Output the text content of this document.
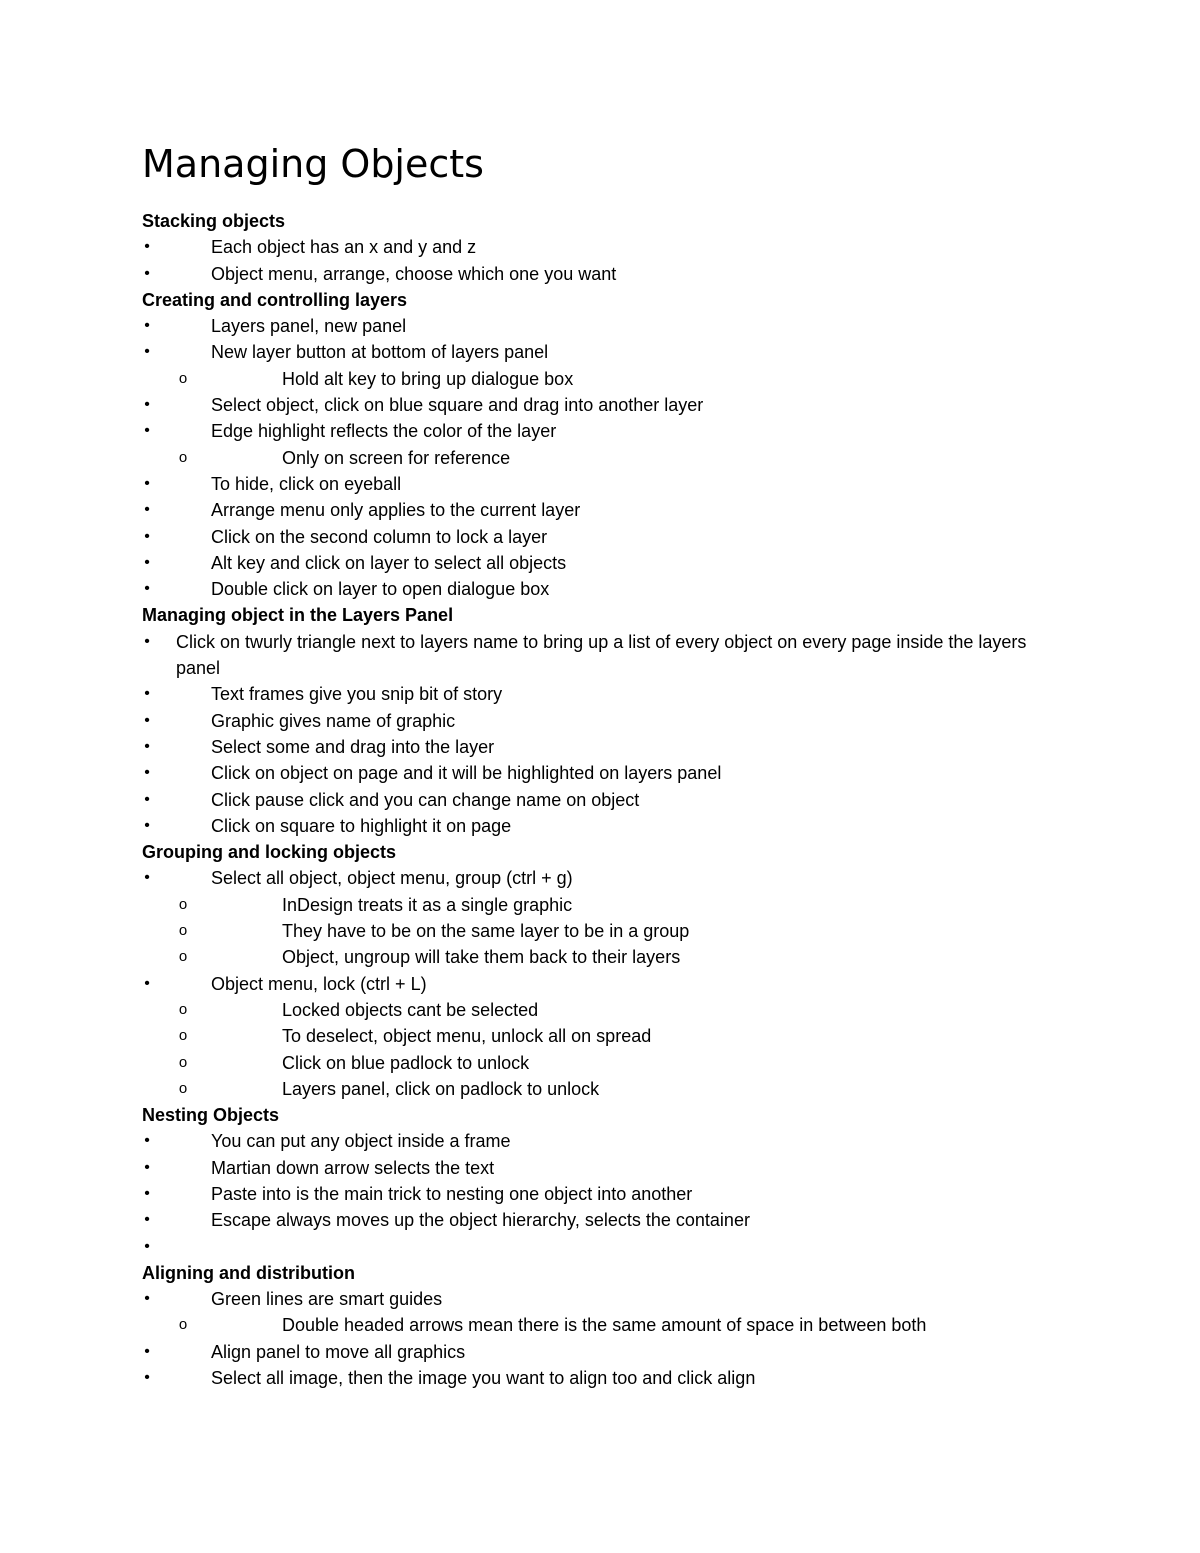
Managing Objects
Stacking objects
•	Each object has an x and y and z
•	Object menu, arrange, choose which one you want
Creating and controlling layers
•	Layers panel, new panel
•	New layer button at bottom of layers panel
o	Hold alt key to bring up dialogue box
•	Select object, click on blue square and drag into another layer
•	Edge highlight reflects the color of the layer
o	Only on screen for reference
•	To hide, click on eyeball
•	Arrange menu only applies to the current layer
•	Click on the second column to lock a layer
•	Alt key and click on layer to select all objects
•	Double click on layer to open dialogue box
Managing object in the Layers Panel
• Click on twurly triangle next to layers name to bring up a list of every object on every page inside the layers panel
•	Text frames give you snip bit of story
•	Graphic gives name of graphic
•	Select some and drag into the layer
•	Click on object on page and it will be highlighted on layers panel
•	Click pause click and you can change name on object
•	Click on square to highlight it on page
Grouping and locking objects
•	Select all object, object menu, group (ctrl + g)
o	InDesign treats it as a single graphic
o	They have to be on the same layer to be in a group
o	Object, ungroup will take them back to their layers
•	Object menu, lock (ctrl + L)
o	Locked objects cant be selected
o	To deselect, object menu, unlock all on spread
o	Click on blue padlock to unlock
o	Layers panel, click on padlock to unlock
Nesting Objects
•	You can put any object inside a frame
•	Martian down arrow selects the text
•	Paste into is the main trick to nesting one object into another
•	Escape always moves up the object hierarchy, selects the container
•
Aligning and distribution
•	Green lines are smart guides
o	Double headed arrows mean there is the same amount of space in between both
•	Align panel to move all graphics
•	Select all image, then the image you want to align too and click align
